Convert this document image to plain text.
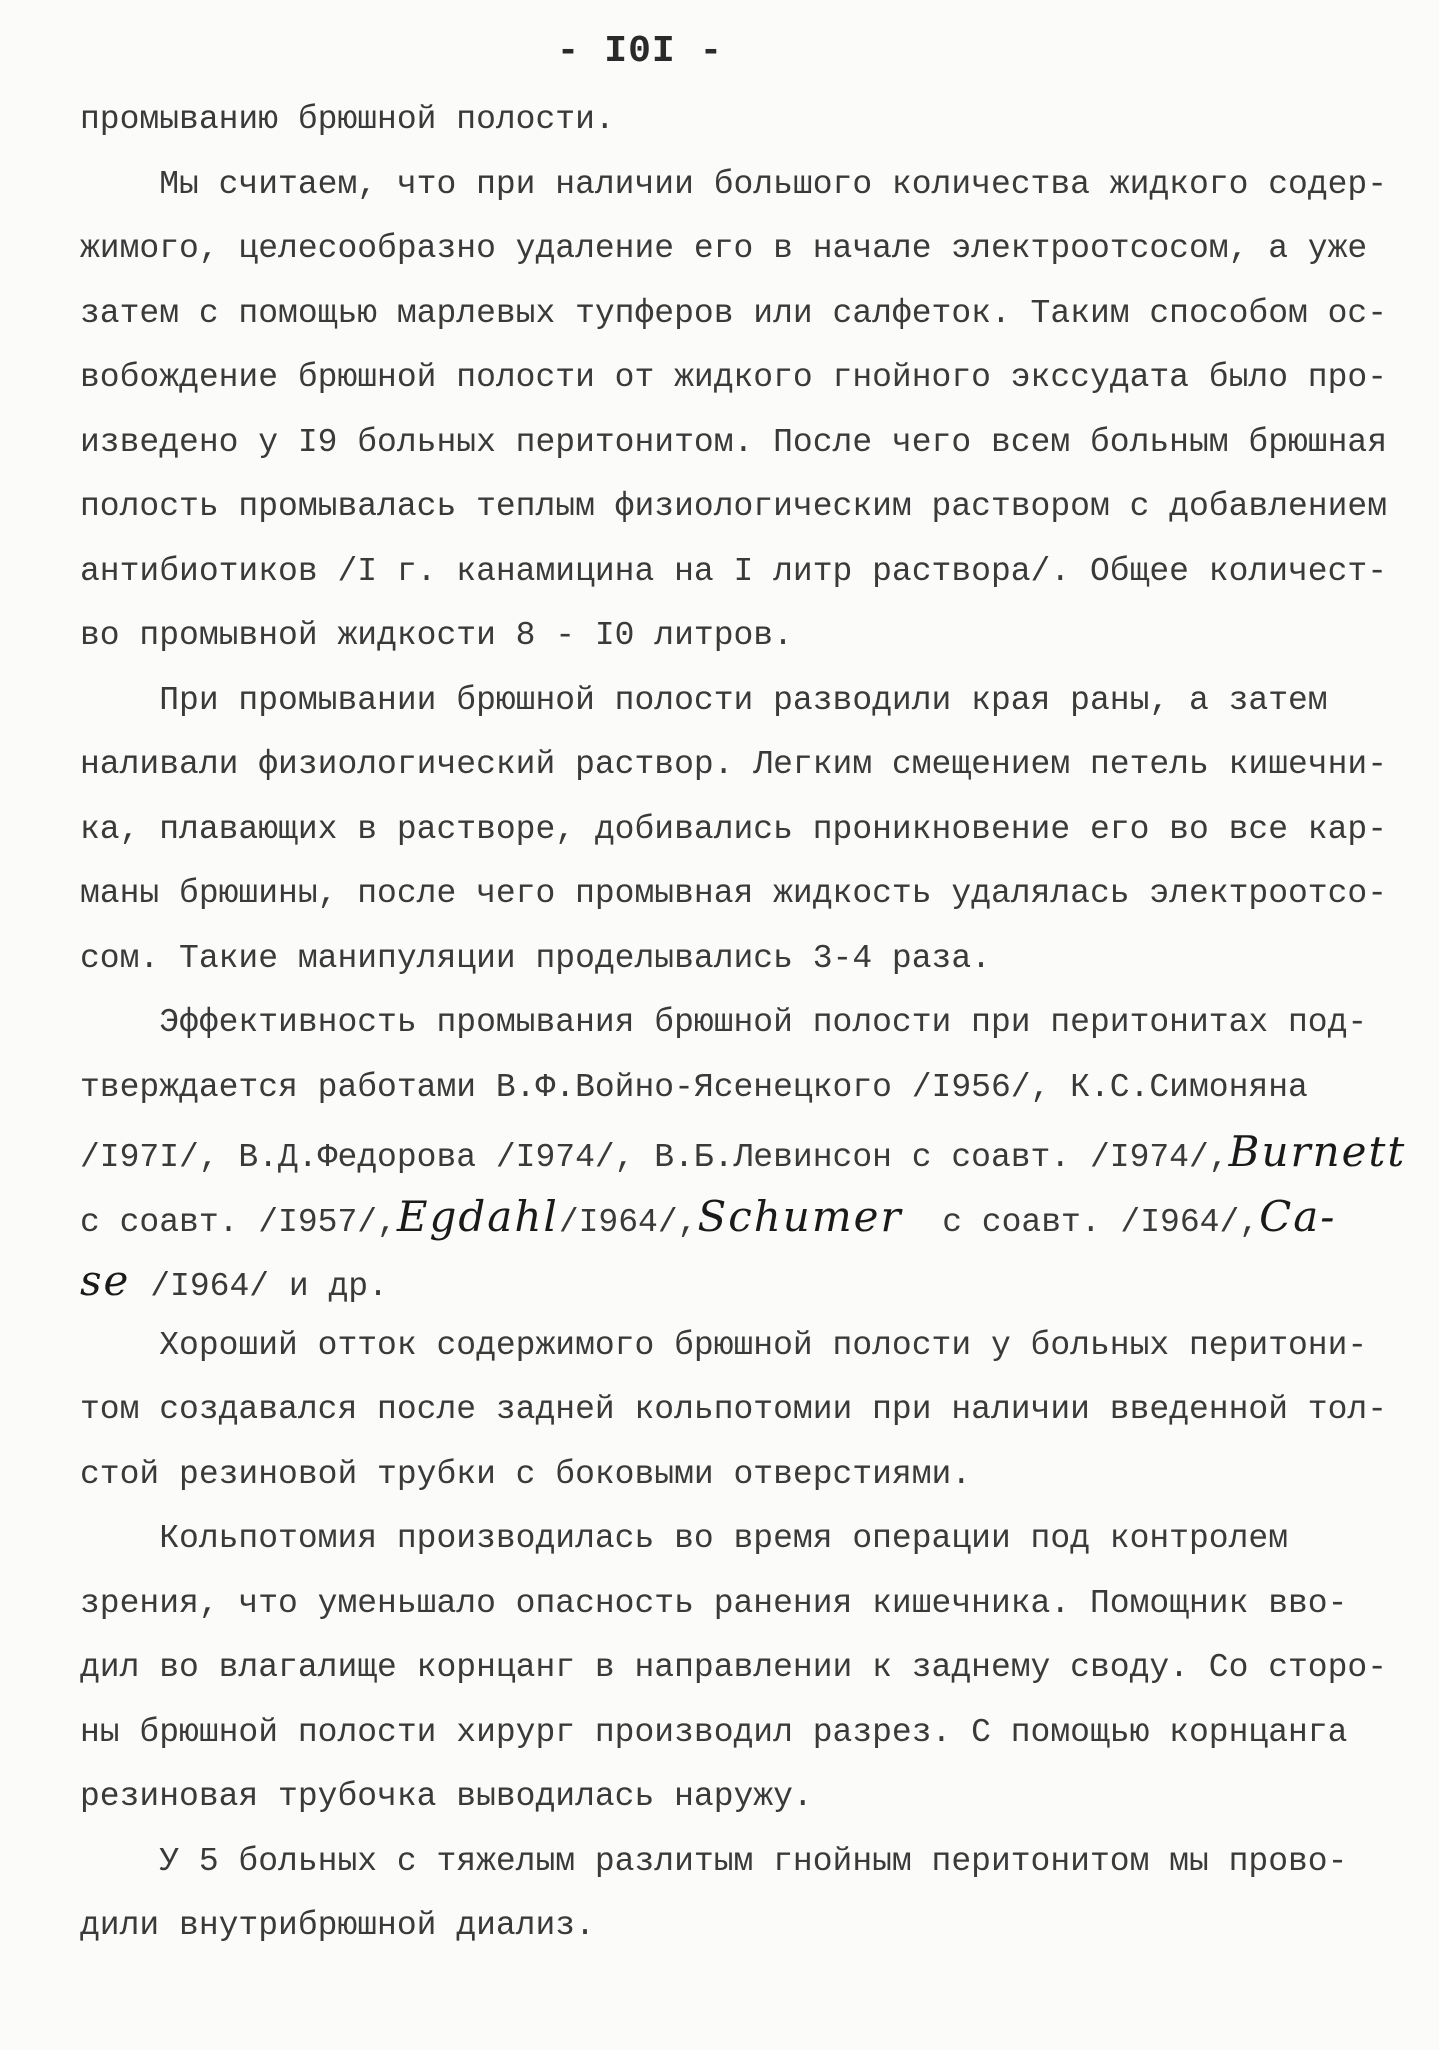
- I0I -
промыванию брюшной полости.
Мы считаем, что при наличии большого количества жидкого содер-
жимого, целесообразно удаление его в начале электроотсосом, а уже
затем с помощью марлевых тупферов или салфеток. Таким способом ос-
вобождение брюшной полости от жидкого гнойного экссудата было про-
изведено у I9 больных перитонитом. После чего всем больным брюшная
полость промывалась теплым физиологическим раствором с добавлением
антибиотиков /I г. канамицина на I литр раствора/. Общее количест-
во промывной жидкости 8 - I0 литров.
При промывании брюшной полости разводили края раны, а затем
наливали физиологический раствор. Легким смещением петель кишечни-
ка, плавающих в растворе, добивались проникновение его во все кар-
маны брюшины, после чего промывная жидкость удалялась электроотсо-
сом. Такие манипуляции проделывались 3-4 раза.
Эффективность промывания брюшной полости при перитонитах под-
тверждается работами В.Ф.Войно-Ясенецкого /I956/, К.С.Симоняна
/I97I/, В.Д.Федорова /I974/, В.Б.Левинсон с соавт. /I974/,Burnett
с соавт. /I957/,Egdahl/I964/,Schumer с соавт. /I964/,Ca-
se /I964/ и др.
Хороший отток содержимого брюшной полости у больных перитони-
том создавался после задней кольпотомии при наличии введенной тол-
стой резиновой трубки с боковыми отверстиями.
Кольпотомия производилась во время операции под контролем
зрения, что уменьшало опасность ранения кишечника. Помощник вво-
дил во влагалище корнцанг в направлении к заднему своду. Со сторо-
ны брюшной полости хирург производил разрез. С помощью корнцанга
резиновая трубочка выводилась наружу.
У 5 больных с тяжелым разлитым гнойным перитонитом мы прово-
дили внутрибрюшной диализ.
